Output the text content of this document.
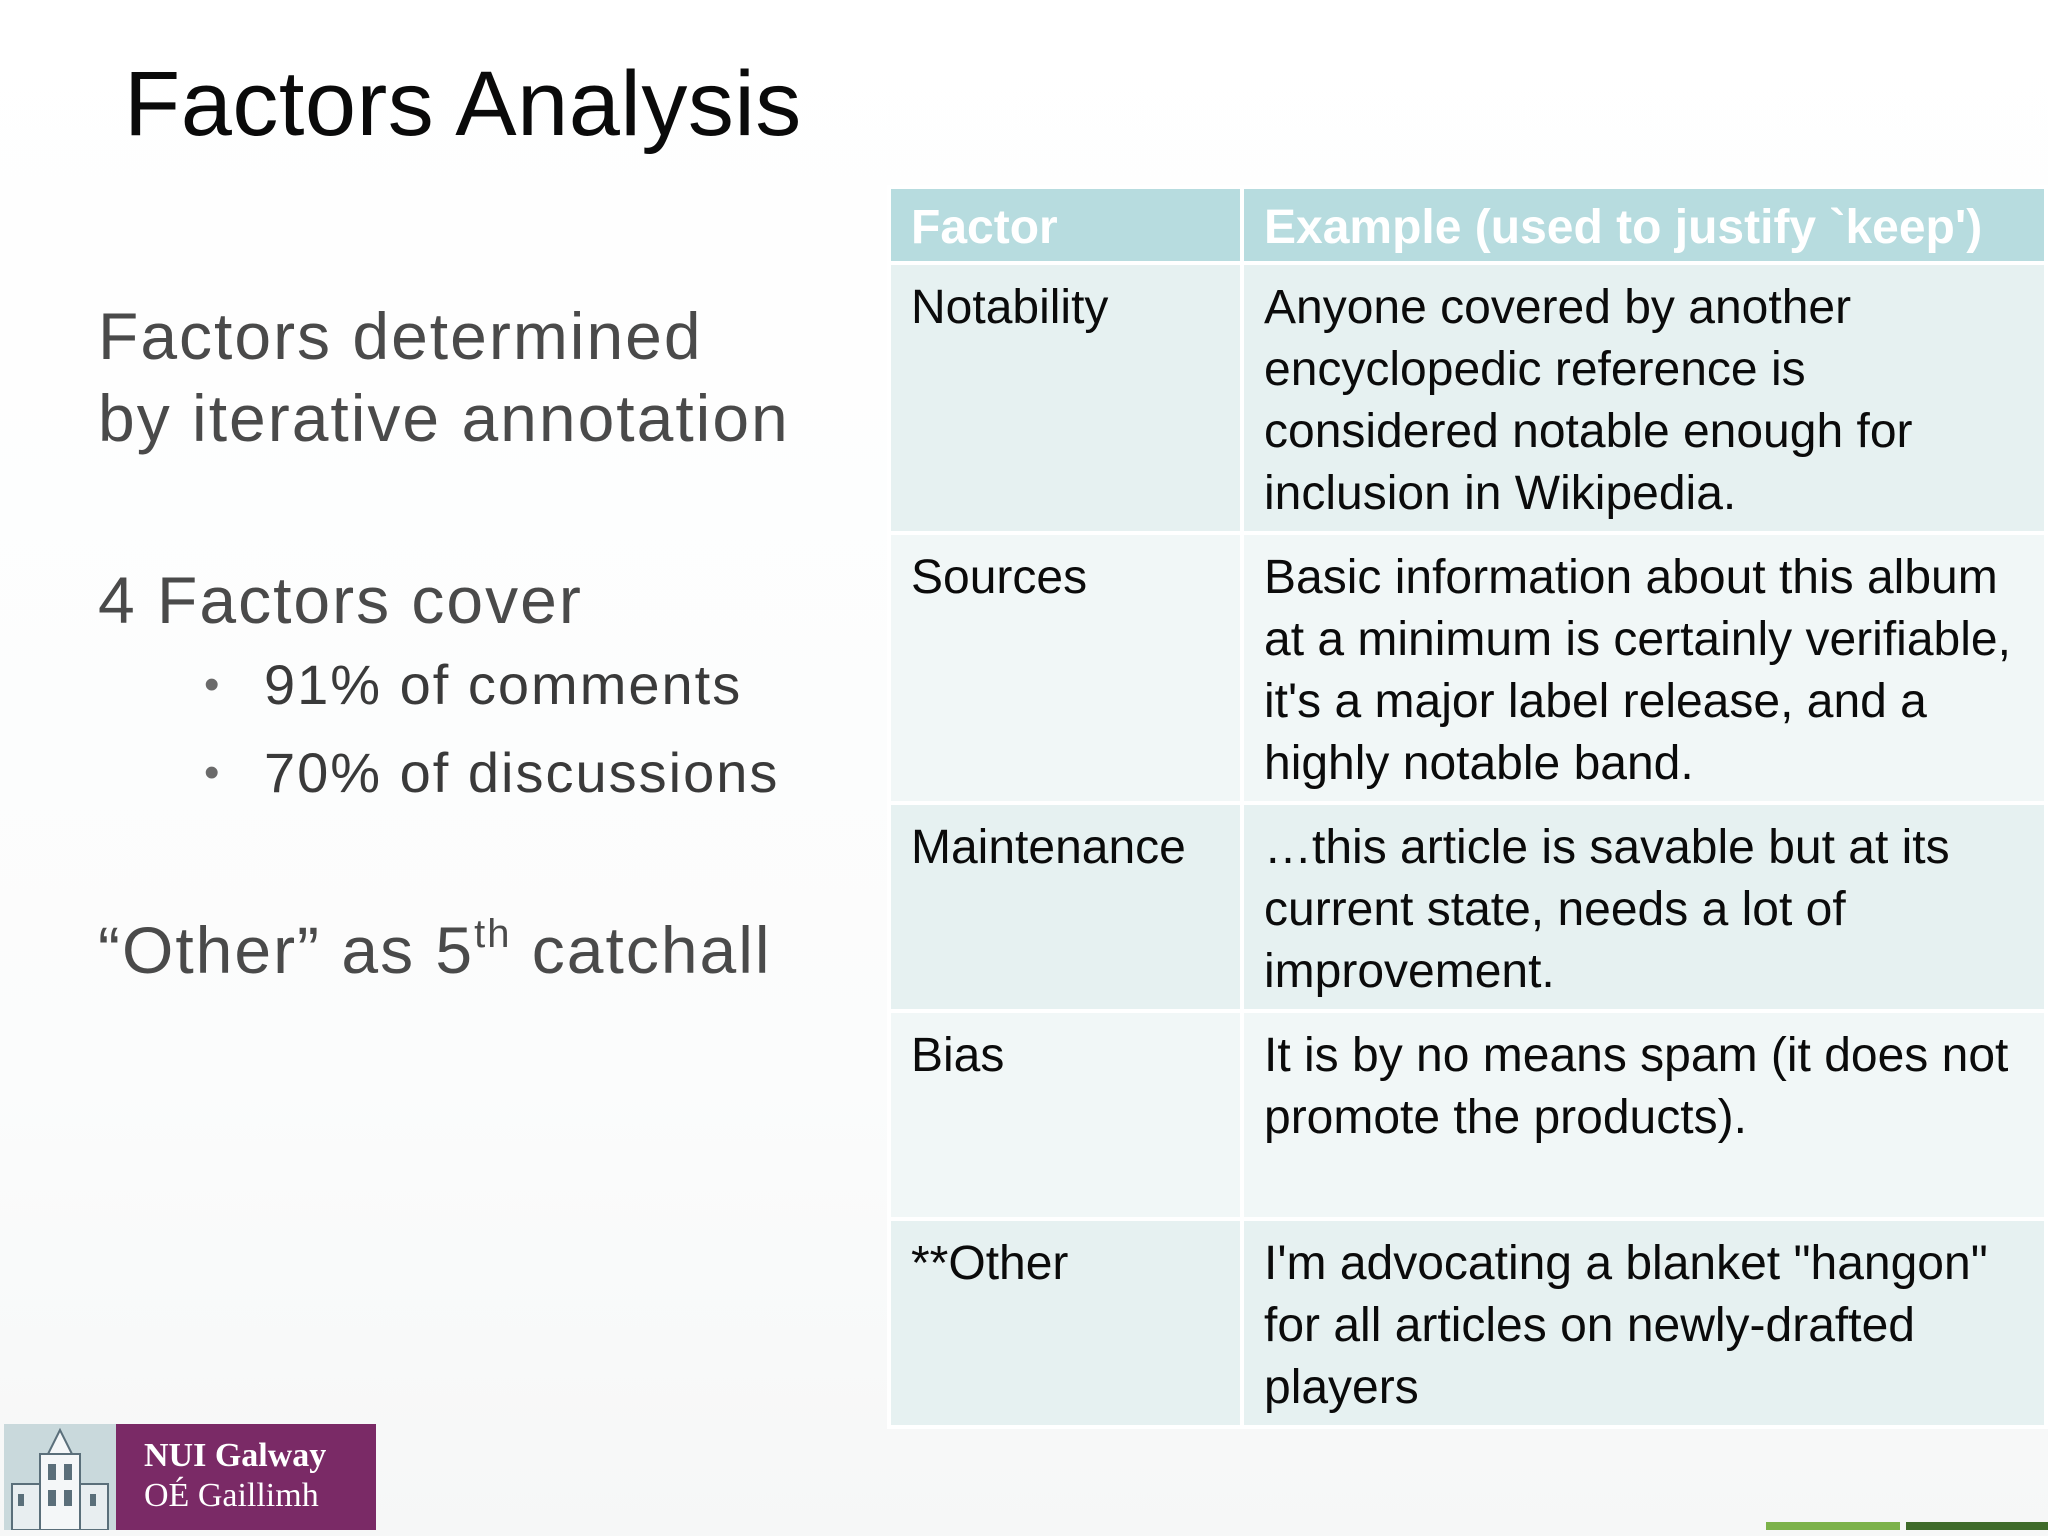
Factors Analysis
Factors determined
by iterative annotation
4 Factors cover
• 91% of comments
• 70% of discussions
“Other” as 5th catchall
Factor	Example (used to justify `keep')
Notability	Anyone covered by another encyclopedic reference is considered notable enough for inclusion in Wikipedia.
Sources	Basic information about this album at a minimum is certainly verifiable, it's a major label release, and a highly notable band.
Maintenance	…this article is savable but at its current state, needs a lot of improvement.
Bias	It is by no means spam (it does not promote the products).
**Other	I'm advocating a blanket "hangon" for all articles on newly-drafted players
NUI Galway
OÉ Gaillimh
